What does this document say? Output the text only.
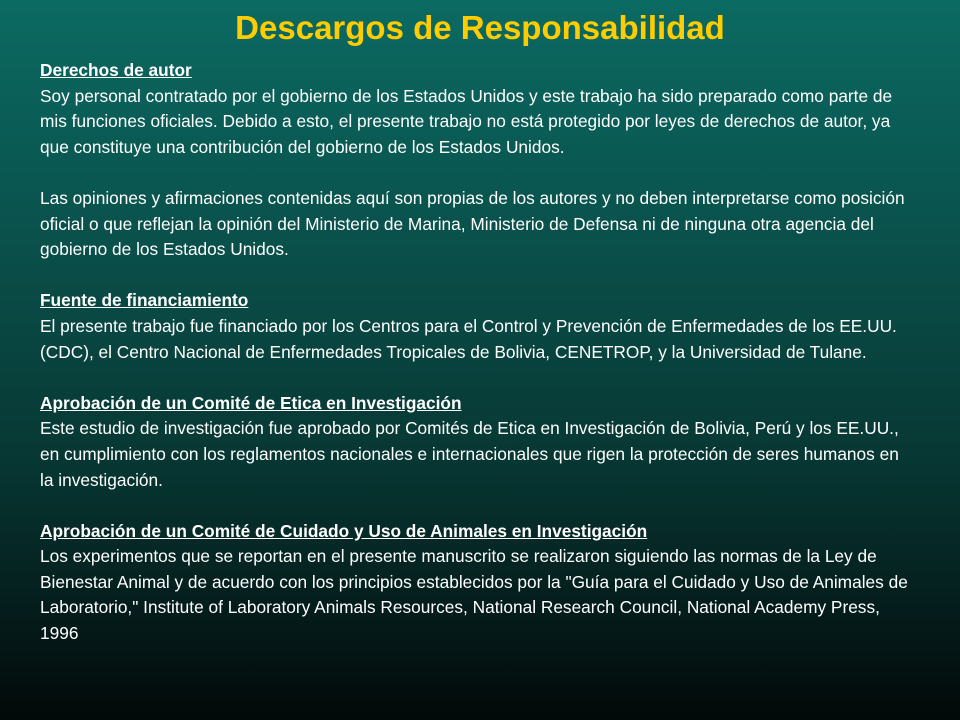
Descargos de Responsabilidad
Derechos de autor

Soy personal contratado por el gobierno de los Estados Unidos y este trabajo ha sido preparado como parte de mis funciones oficiales. Debido a esto, el presente trabajo no está protegido por leyes de derechos de autor, ya que constituye una contribución del gobierno de los Estados Unidos.

Las opiniones y afirmaciones contenidas aquí son propias de los autores y no deben interpretarse como posición oficial o que reflejan la opinión del Ministerio de Marina, Ministerio de Defensa ni de ninguna otra agencia del gobierno de los Estados Unidos.

Fuente de financiamiento

El presente trabajo fue financiado por los Centros para el Control y Prevención de Enfermedades de los EE.UU. (CDC), el Centro Nacional de Enfermedades Tropicales de Bolivia, CENETROP, y la Universidad de Tulane.

Aprobación de un Comité de Etica en Investigación

Este estudio de investigación fue aprobado por Comités de Etica en Investigación de Bolivia, Perú y los EE.UU., en cumplimiento con los reglamentos nacionales e internacionales que rigen la protección de seres humanos en la investigación.

Aprobación de un Comité de Cuidado y Uso de Animales en Investigación

Los experimentos que se reportan en el presente manuscrito se realizaron siguiendo las normas de la Ley de Bienestar Animal y de acuerdo con los principios establecidos por la "Guía para el Cuidado y Uso de Animales de Laboratorio," Institute of Laboratory Animals Resources, National Research Council, National Academy Press, 1996
